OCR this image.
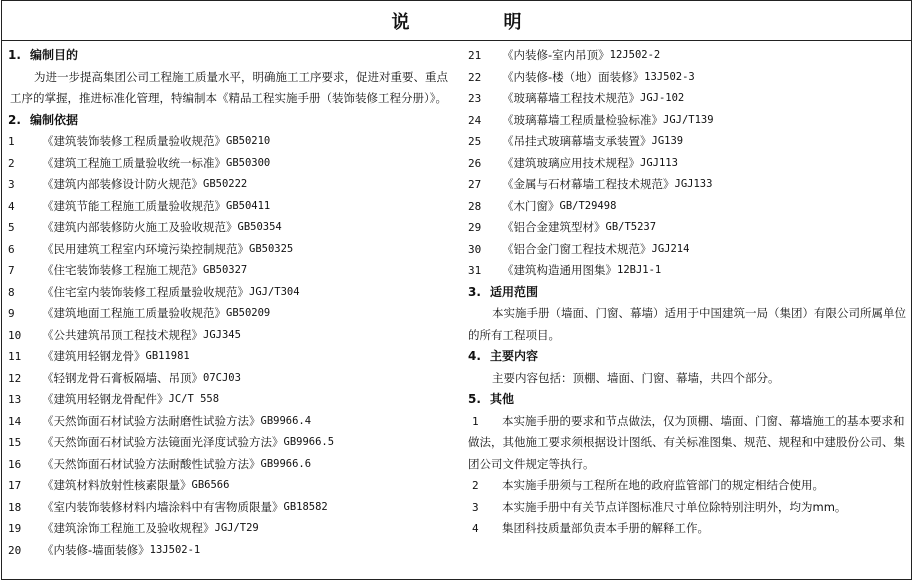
说　明
1. 编制目的
为进一步提高集团公司工程施工质量水平，明确施工工序要求，促进对重要、重点工序的掌握，推进标准化管理，特编制本《精品工程实施手册（装饰装修工程分册）》。
2. 编制依据
1	《建筑装饰装修工程质量验收规范》 GB50210
2	《建筑工程施工质量验收统一标准》 GB50300
3	《建筑内部装修设计防火规范》 GB50222
4	《建筑节能工程施工质量验收规范》 GB50411
5	《建筑内部装修防火施工及验收规范》 GB50354
6	《民用建筑工程室内环境污染控制规范》 GB50325
7	《住宅装饰装修工程施工规范》 GB50327
8	《住宅室内装饰装修工程质量验收规范》 JGJ/T304
9	《建筑地面工程施工质量验收规范》 GB50209
10	《公共建筑吊顶工程技术规程》 JGJ345
11	《建筑用轻钢龙骨》 GB11981
12	《轻钢龙骨石膏板隔墙、吊顶》 07CJ03
13	《建筑用轻钢龙骨配件》 JC/T 558
14	《天然饰面石材试验方法耐磨性试验方法》 GB9966.4
15	《天然饰面石材试验方法镜面光泽度试验方法》 GB9966.5
16	《天然饰面石材试验方法耐酸性试验方法》 GB9966.6
17	《建筑材料放射性核素限量》 GB6566
18	《室内装饰装修材料内墙涂料中有害物质限量》 GB18582
19	《建筑涂饰工程施工及验收规程》 JGJ/T29
20	《内装修-墙面装修》 13J502-1
21	《内装修-室内吊顶》 12J502-2
22	《内装修-楼（地）面装修》 13J502-3
23	《玻璃幕墙工程技术规范》 JGJ-102
24	《玻璃幕墙工程质量检验标准》 JGJ/T139
25	《吊挂式玻璃幕墙支承装置》 JG139
26	《建筑玻璃应用技术规程》 JGJ113
27	《金属与石材幕墙工程技术规范》 JGJ133
28	《木门窗》 GB/T29498
29	《铝合金建筑型材》 GB/T5237
30	《铝合金门窗工程技术规范》 JGJ214
31	《建筑构造通用图集》 12BJ1-1
3. 适用范围
本实施手册（墙面、门窗、幕墙）适用于中国建筑一局（集团）有限公司所属单位的所有工程项目。
4. 主要内容
主要内容包括：顶棚、墙面、门窗、幕墙，共四个部分。
5. 其他
1 本实施手册的要求和节点做法，仅为顶棚、墙面、门窗、幕墙施工的基本要求和做法，其他施工要求须根据设计图纸、有关标准图集、规范、规程和中建股份公司、集团公司文件规定等执行。
2 本实施手册须与工程所在地的政府监管部门的规定相结合使用。
3 本实施手册中有关节点详图标准尺寸单位除特别注明外，均为mm。
4 集团科技质量部负责本手册的解释工作。
